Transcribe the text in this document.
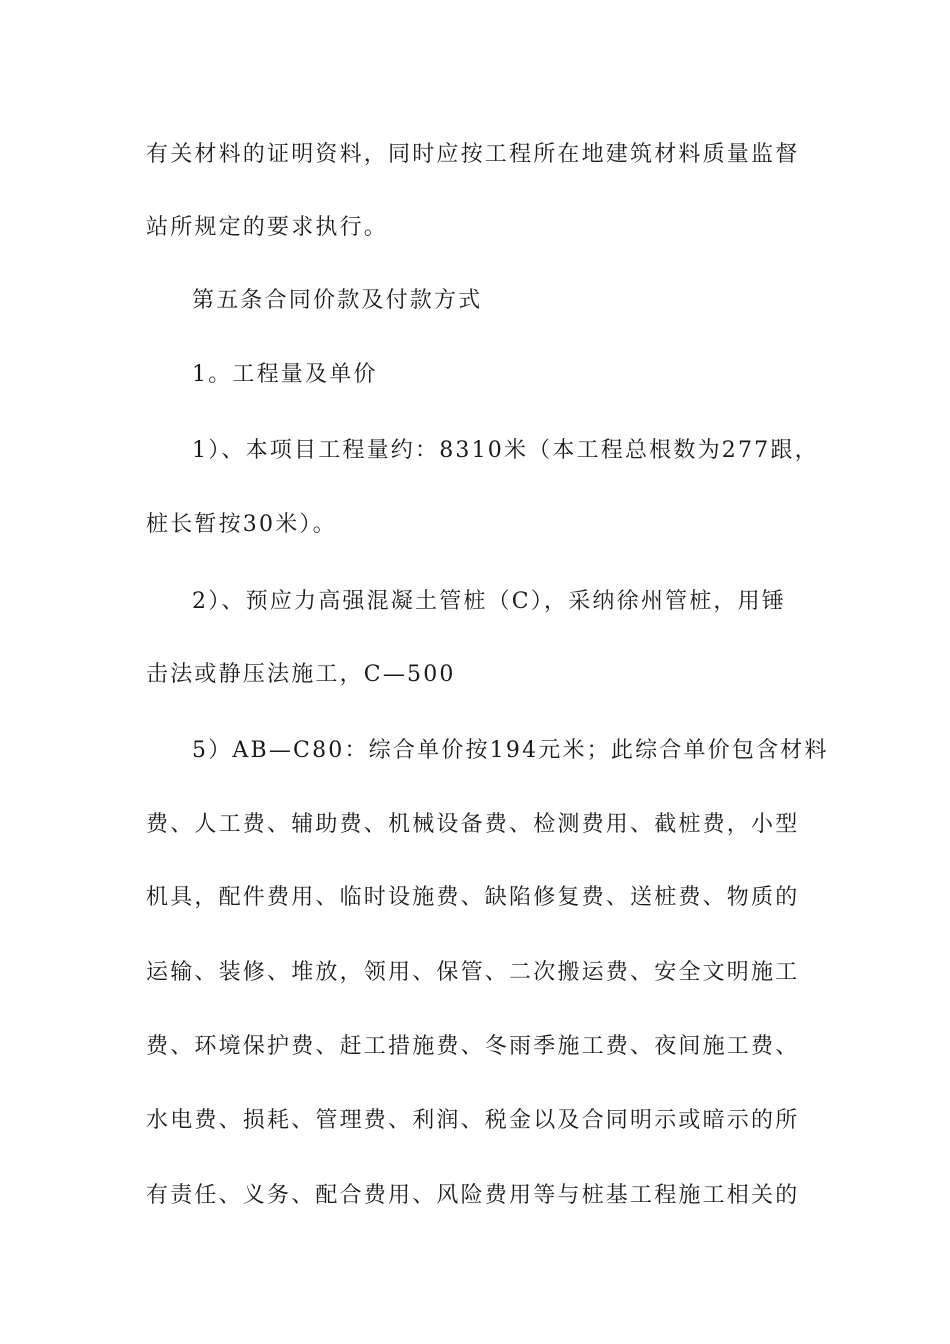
有关材料的证明资料，同时应按工程所在地建筑材料质量监督
站所规定的要求执行。
第五条合同价款及付款方式
1。工程量及单价
1）、本项目工程量约：8310米（本工程总根数为277跟，
桩长暂按30米）。
2）、预应力高强混凝土管桩（C），采纳徐州管桩，用锤
击法或静压法施工，C—500
5）AB—C80：综合单价按194元米；此综合单价包含材料
费、人工费、辅助费、机械设备费、检测费用、截桩费，小型
机具，配件费用、临时设施费、缺陷修复费、送桩费、物质的
运输、装修、堆放，领用、保管、二次搬运费、安全文明施工
费、环境保护费、赶工措施费、冬雨季施工费、夜间施工费、
水电费、损耗、管理费、利润、税金以及合同明示或暗示的所
有责任、义务、配合费用、风险费用等与桩基工程施工相关的
